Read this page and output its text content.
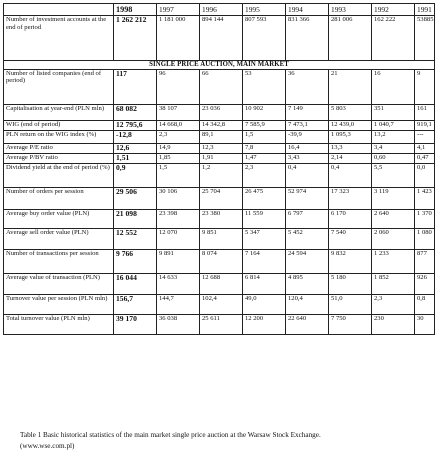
	1998	1997	1996	1995	1994	1993	1992	1991
Number of investment accounts at the end of period	1 262 212	1 181 000	894 144	807 593	831 366	281 006	162 222	53885
SINGLE PRICE AUCTION, MAIN MARKET								
Number of listed companies (end of period)	117	96	66	53	36	21	16	9
Capitalisation at year-end (PLN mln)	68 082	38 107	23 036	10 902	7 149	5 803	351	161
WIG (end of period)	12 795,6	14 668,0	14 342,8	7 585,9	7 473,1	12 439,0	1 040,7	919,1
PLN return on the WIG index (%)	-12,8	2,3	89,1	1,5	-39,9	1 095,3	13,2	---
Average P/E ratio	12,6	14,9	12,3	7,8	16,4	13,3	3,4	4,1
Average P/BV ratio	1,51	1,85	1,91	1,47	3,43	2,14	0,60	0,47
Dividend yield at the end of period (%)	0,9	1,5	1,2	2,3	0,4	0,4	5,5	0,0
Number of orders per session	29 506	30 106	25 704	26 475	52 974	17 323	3 119	1 423
Average buy order value (PLN)	21 098	23 398	23 380	11 559	6 797	6 170	2 640	1 370
Average sell order value (PLN)	12 552	12 070	9 851	5 347	5 452	7 540	2 060	1 080
Number of transactions per session	9 766	9 891	8 074	7 164	24 594	9 832	1 233	877
Average value of transaction (PLN)	16 044	14 633	12 688	6 814	4 895	5 180	1 852	926
Turnover value per session (PLN mln)	156,7	144,7	102,4	49,0	120,4	51,0	2,3	0,8
Total turnover value (PLN mln)	39 170	36 038	25 611	12 200	22 640	7 750	230	30
Table 1 Basic historical statistics of the main market single price auction at the Warsaw Stock Exchange.
(www.wse.com.pl)
